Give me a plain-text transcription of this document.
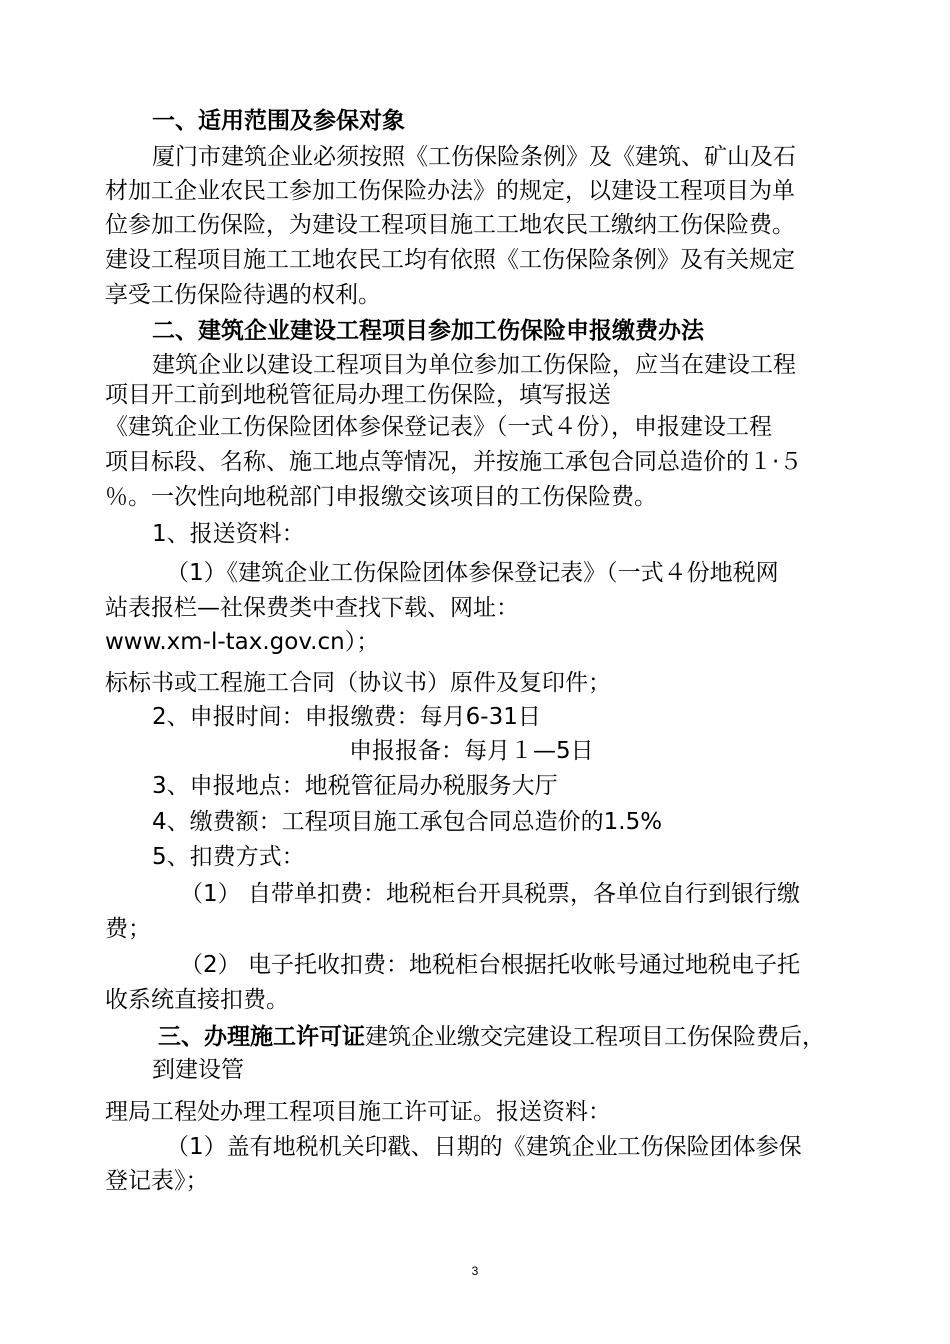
一、适用范围及参保对象
厦门市建筑企业必须按照《工伤保险条例》及《建筑、矿山及石
材加工企业农民工参加工伤保险办法》的规定，以建设工程项目为单
位参加工伤保险，为建设工程项目施工工地农民工缴纳工伤保险费。
建设工程项目施工工地农民工均有依照《工伤保险条例》及有关规定
享受工伤保险待遇的权利。
二、建筑企业建设工程项目参加工伤保险申报缴费办法
建筑企业以建设工程项目为单位参加工伤保险，应当在建设工程
项目开工前到地税管征局办理工伤保险，填写报送
《建筑企业工伤保险团体参保登记表》（一式４份），申报建设工程
项目标段、名称、施工地点等情况，并按施工承包合同总造价的１·５
％。一次性向地税部门申报缴交该项目的工伤保险费。
1、报送资料：
（1）《建筑企业工伤保险团体参保登记表》（一式４份地税网
站表报栏—社保费类中查找下载、网址：
www.xm-l-tax.gov.cn）；
标标书或工程施工合同（协议书）原件及复印件；
2、申报时间：申报缴费：每月6-31日
申报报备：每月１—5日
3、申报地点：地税管征局办税服务大厅
4、缴费额：工程项目施工承包合同总造价的1.5%
5、扣费方式：
（1） 自带单扣费：地税柜台开具税票，各单位自行到银行缴
费；
（2） 电子托收扣费：地税柜台根据托收帐号通过地税电子托
收系统直接扣费。
三、办理施工许可证建筑企业缴交完建设工程项目工伤保险费后，
到建设管
理局工程处办理工程项目施工许可证。报送资料：
（1）盖有地税机关印戳、日期的《建筑企业工伤保险团体参保
登记表》；
3
